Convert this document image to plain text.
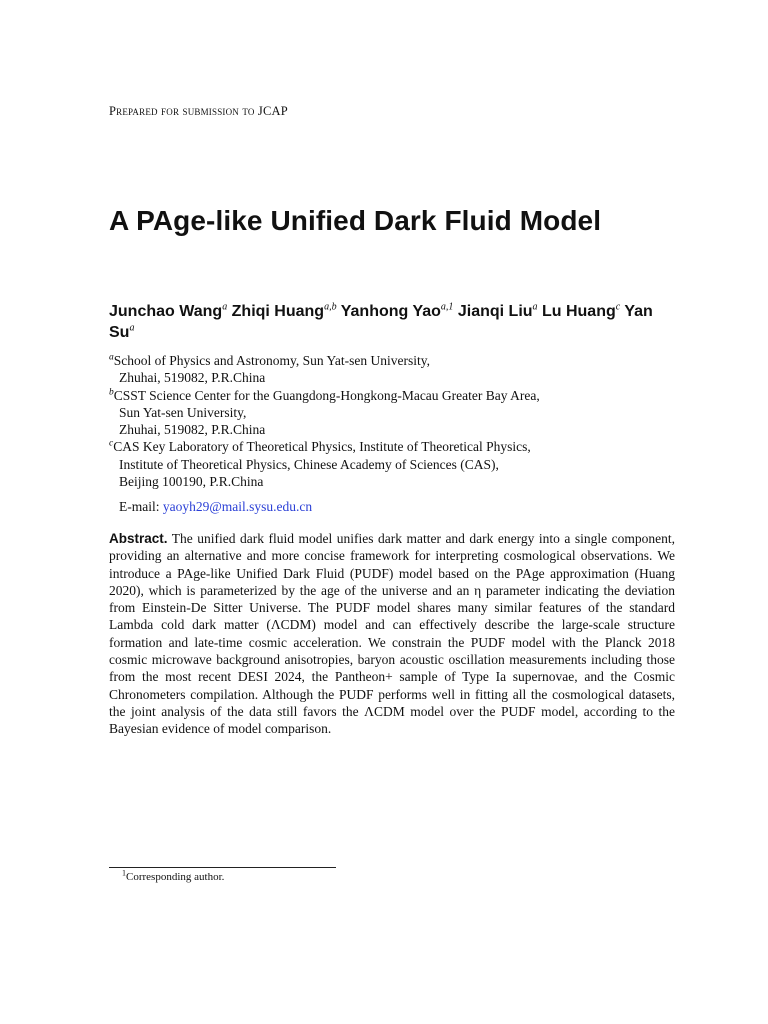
Prepared for submission to JCAP
A PAge-like Unified Dark Fluid Model
Junchao Wang$^a$ Zhiqi Huang$^{a,b}$ Yanhong Yao$^{a,1}$ Jianqi Liu$^a$ Lu Huang$^c$ Yan Su$^a$
$^a$School of Physics and Astronomy, Sun Yat-sen University,
Zhuhai, 519082, P.R.China
$^b$CSST Science Center for the Guangdong-Hongkong-Macau Greater Bay Area,
Sun Yat-sen University,
Zhuhai, 519082, P.R.China
$^c$CAS Key Laboratory of Theoretical Physics, Institute of Theoretical Physics,
Institute of Theoretical Physics, Chinese Academy of Sciences (CAS),
Beijing 100190, P.R.China
E-mail: yaoyh29@mail.sysu.edu.cn
Abstract. The unified dark fluid model unifies dark matter and dark energy into a single component, providing an alternative and more concise framework for interpreting cosmological observations. We introduce a PAge-like Unified Dark Fluid (PUDF) model based on the PAge approximation (Huang 2020), which is parameterized by the age of the universe and an η parameter indicating the deviation from Einstein-De Sitter Universe. The PUDF model shares many similar features of the standard Lambda cold dark matter (ΛCDM) model and can effectively describe the large-scale structure formation and late-time cosmic acceleration. We constrain the PUDF model with the Planck 2018 cosmic microwave background anisotropies, baryon acoustic oscillation measurements including those from the most recent DESI 2024, the Pantheon+ sample of Type Ia supernovae, and the Cosmic Chronometers compilation. Although the PUDF performs well in fitting all the cosmological datasets, the joint analysis of the data still favors the ΛCDM model over the PUDF model, according to the Bayesian evidence of model comparison.
$^1$Corresponding author.
